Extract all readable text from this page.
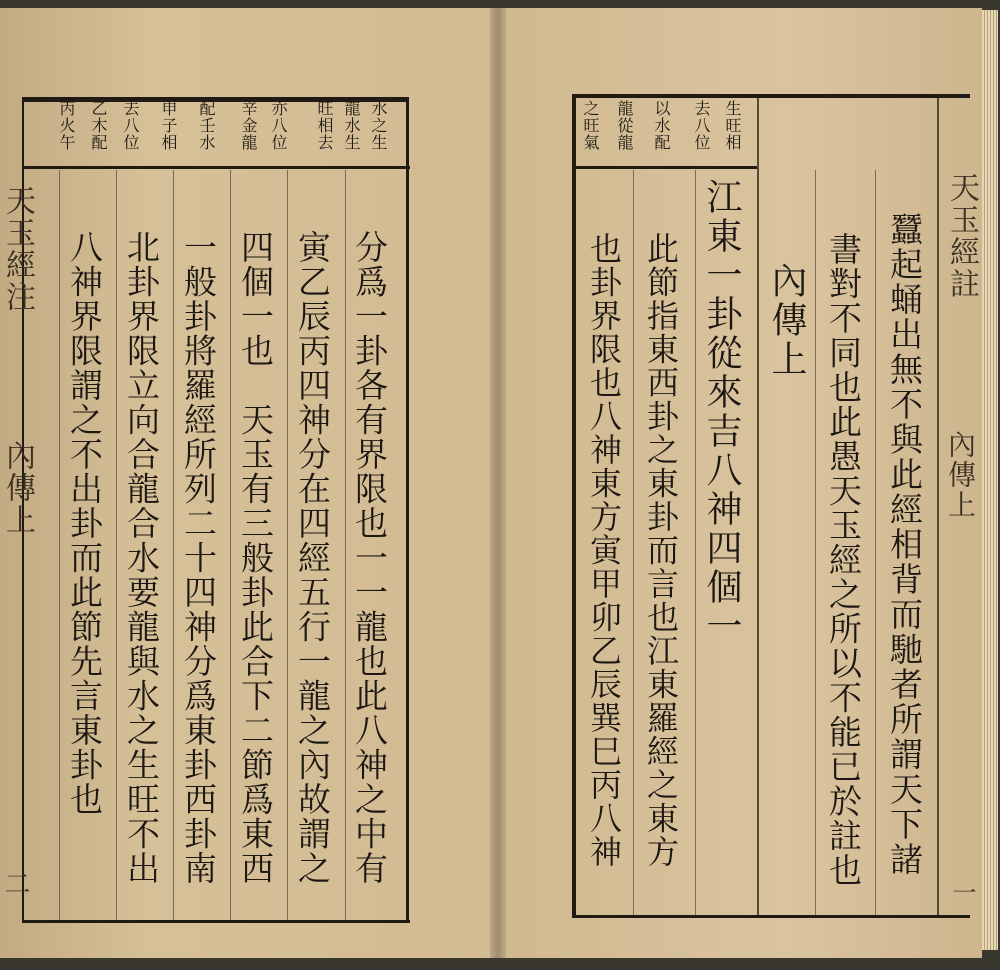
水之生
龍水生
旺相去
亦八位
辛金龍
配壬水
申子相
去八位
乙木配
丙火午
分爲一卦各有界限也一一龍也此八神之中有
寅乙辰丙四神分在四經五行一龍之內故謂之
四個一也　天玉有三般卦此合下二節爲東西
一般卦將羅經所列二十四神分爲東卦西卦南
北卦界限立向合龍合水要龍與水之生旺不出
八神界限謂之不出卦而此節先言東卦也
天玉經注
內傳上
二
生旺相
去八位
以水配
龍從龍
之旺氣
江東一卦從來吉八神四個一
此節指東西卦之東卦而言也江東羅經之東方
也卦界限也八神東方寅甲卯乙辰巽巳丙八神	內傳上 書對不同也此愚天玉經之所以不能已於註也 蠶起蛹出無不與此經相背而馳者所謂天下諸 天玉經註
內傳上
一
